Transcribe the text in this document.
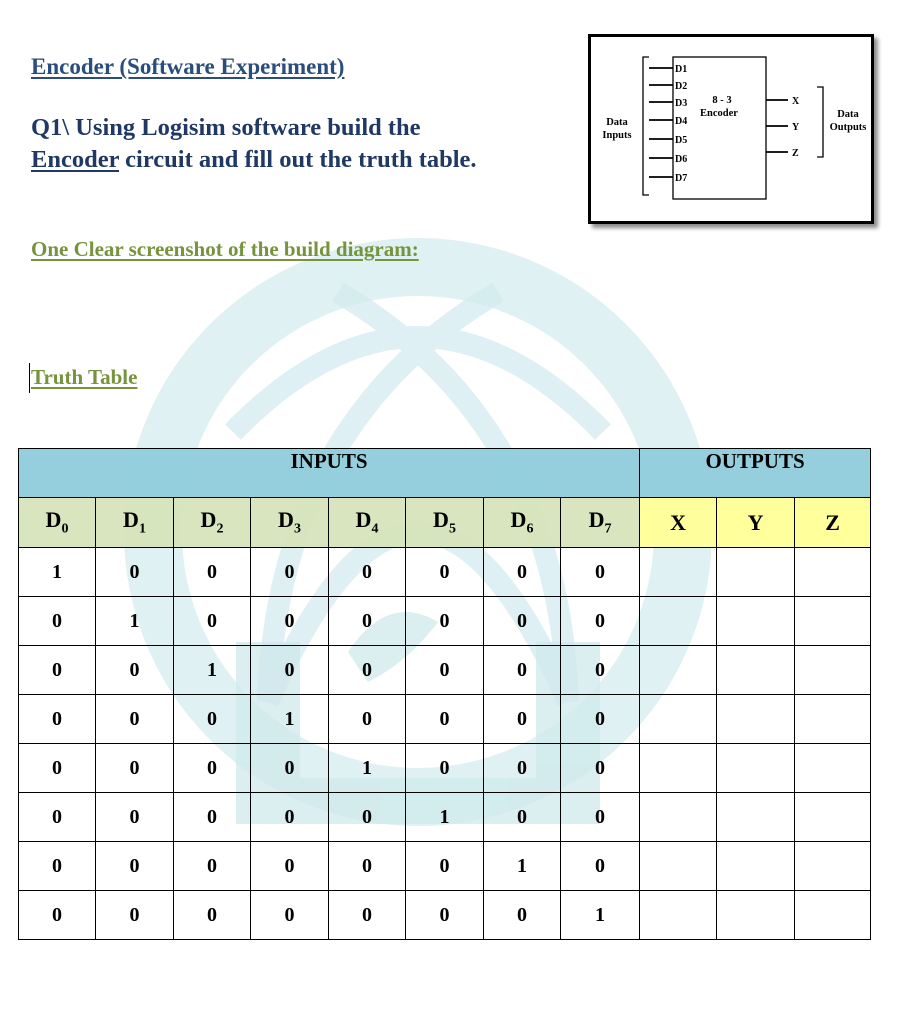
Encoder (Software Experiment)
Q1\ Using Logisim software build the
Encoder circuit and fill out the truth table.
One Clear screenshot of the build diagram:
Truth Table
D1
D2
D3
D4
D5
D6
D7
8 - 3
Encoder
Data
Inputs
X
Y
Z
Data
Outputs
INPUTS								OUTPUTS		
$D_0$	$D_1$	$D_2$	$D_3$	$D_4$	$D_5$	$D_6$	$D_7$	X	Y	Z
1	0	0	0	0	0	0	0			
0	1	0	0	0	0	0	0			
0	0	1	0	0	0	0	0			
0	0	0	1	0	0	0	0			
0	0	0	0	1	0	0	0			
0	0	0	0	0	1	0	0			
0	0	0	0	0	0	1	0			
0	0	0	0	0	0	0	1			
